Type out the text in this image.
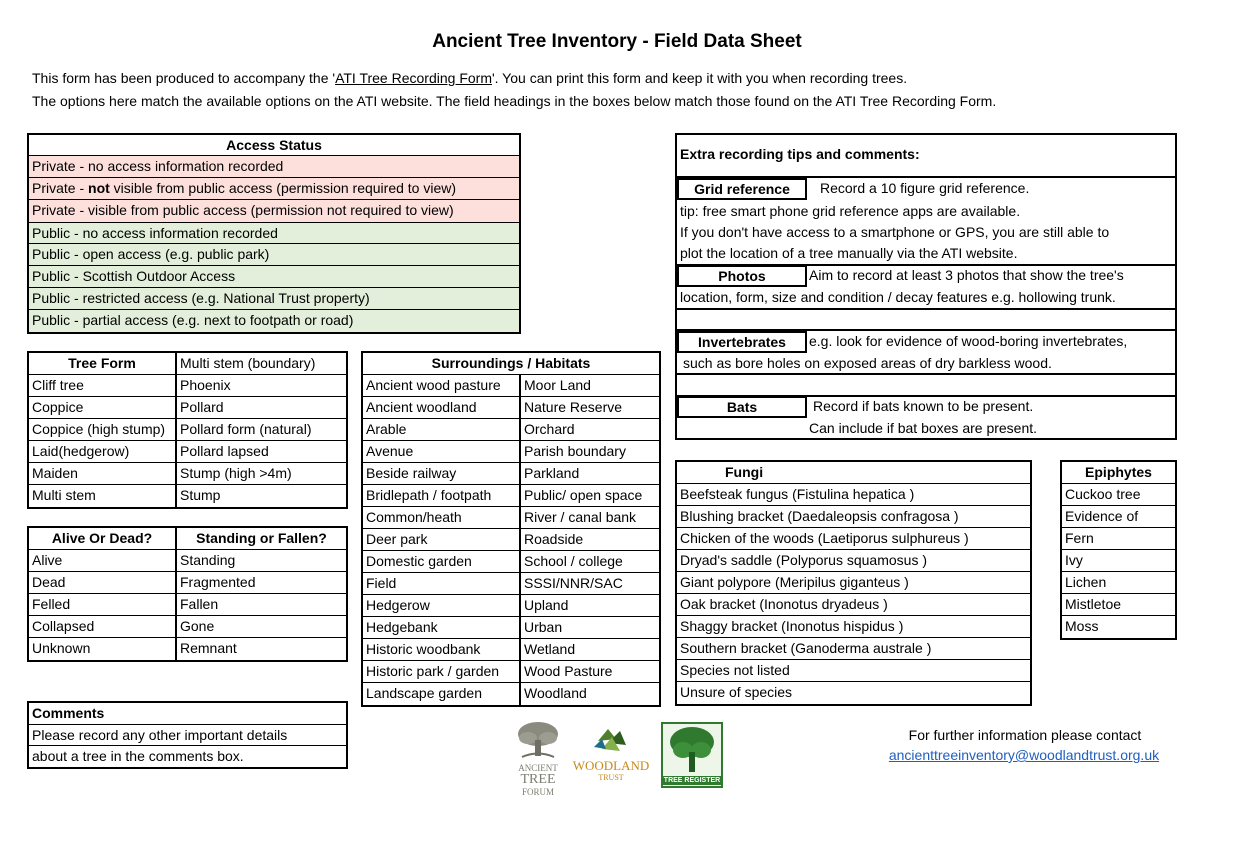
Ancient Tree Inventory - Field Data Sheet
This form has been produced to accompany the 'ATI Tree Recording Form'. You can print this form and keep it with you when recording trees.
The options here match the available options on the ATI website. The field headings in the boxes below match those found on the ATI Tree Recording Form.
Access Status
Private - no access information recorded
Private - not visible from public access (permission required to view)
Private - visible from public access (permission not required to view)
Public - no access information recorded
Public - open access (e.g. public park)
Public - Scottish Outdoor Access
Public - restricted access (e.g. National Trust property)
Public - partial access (e.g. next to footpath or road)
Tree Form	Multi stem (boundary)
Cliff tree	Phoenix
Coppice	Pollard
Coppice (high stump)	Pollard form (natural)
Laid(hedgerow)	Pollard lapsed
Maiden	Stump (high >4m)
Multi stem	Stump
Alive Or Dead?	Standing or Fallen?
Alive	Standing
Dead	Fragmented
Felled	Fallen
Collapsed	Gone
Unknown	Remnant
Comments
Please record any other important details
about a tree in the comments box.
Surroundings / Habitats
Ancient wood pasture	Moor Land
Ancient woodland	Nature Reserve
Arable	Orchard
Avenue	Parish boundary
Beside railway	Parkland
Bridlepath / footpath	Public/ open space
Common/heath	River / canal bank
Deer park	Roadside
Domestic garden	School / college
Field	SSSI/NNR/SAC
Hedgerow	Upland
Hedgebank	Urban
Historic woodbank	Wetland
Historic park / garden	Wood Pasture
Landscape garden	Woodland
Extra recording tips and comments:
Grid reference	Record a 10 figure grid reference.
tip: free smart phone grid reference apps are available.
If you don't have access to a smartphone or GPS, you are still able to
plot the location of a tree manually via the ATI website.
Photos	Aim to record at least 3 photos that show the tree's
location, form, size and condition / decay features e.g. hollowing trunk.
Invertebrates	e.g. look for evidence of wood-boring invertebrates,
such as bore holes on exposed areas of dry barkless wood.
Bats	Record if bats known to be present.
Can include if bat boxes are present.
Fungi
Beefsteak fungus (Fistulina hepatica )
Blushing bracket (Daedaleopsis confragosa )
Chicken of the woods (Laetiporus sulphureus )
Dryad's saddle (Polyporus squamosus )
Giant polypore (Meripilus giganteus )
Oak bracket (Inonotus dryadeus )
Shaggy bracket (Inonotus hispidus )
Southern bracket (Ganoderma australe )
Species not listed
Unsure of species
Epiphytes
Cuckoo tree
Evidence of
Fern
Ivy
Lichen
Mistletoe
Moss
ANCIENT
TREE
FORUM
WOODLAND
TRUST	TREE REGISTER
For further information please contact
ancienttreeinventory@woodlandtrust.org.uk
